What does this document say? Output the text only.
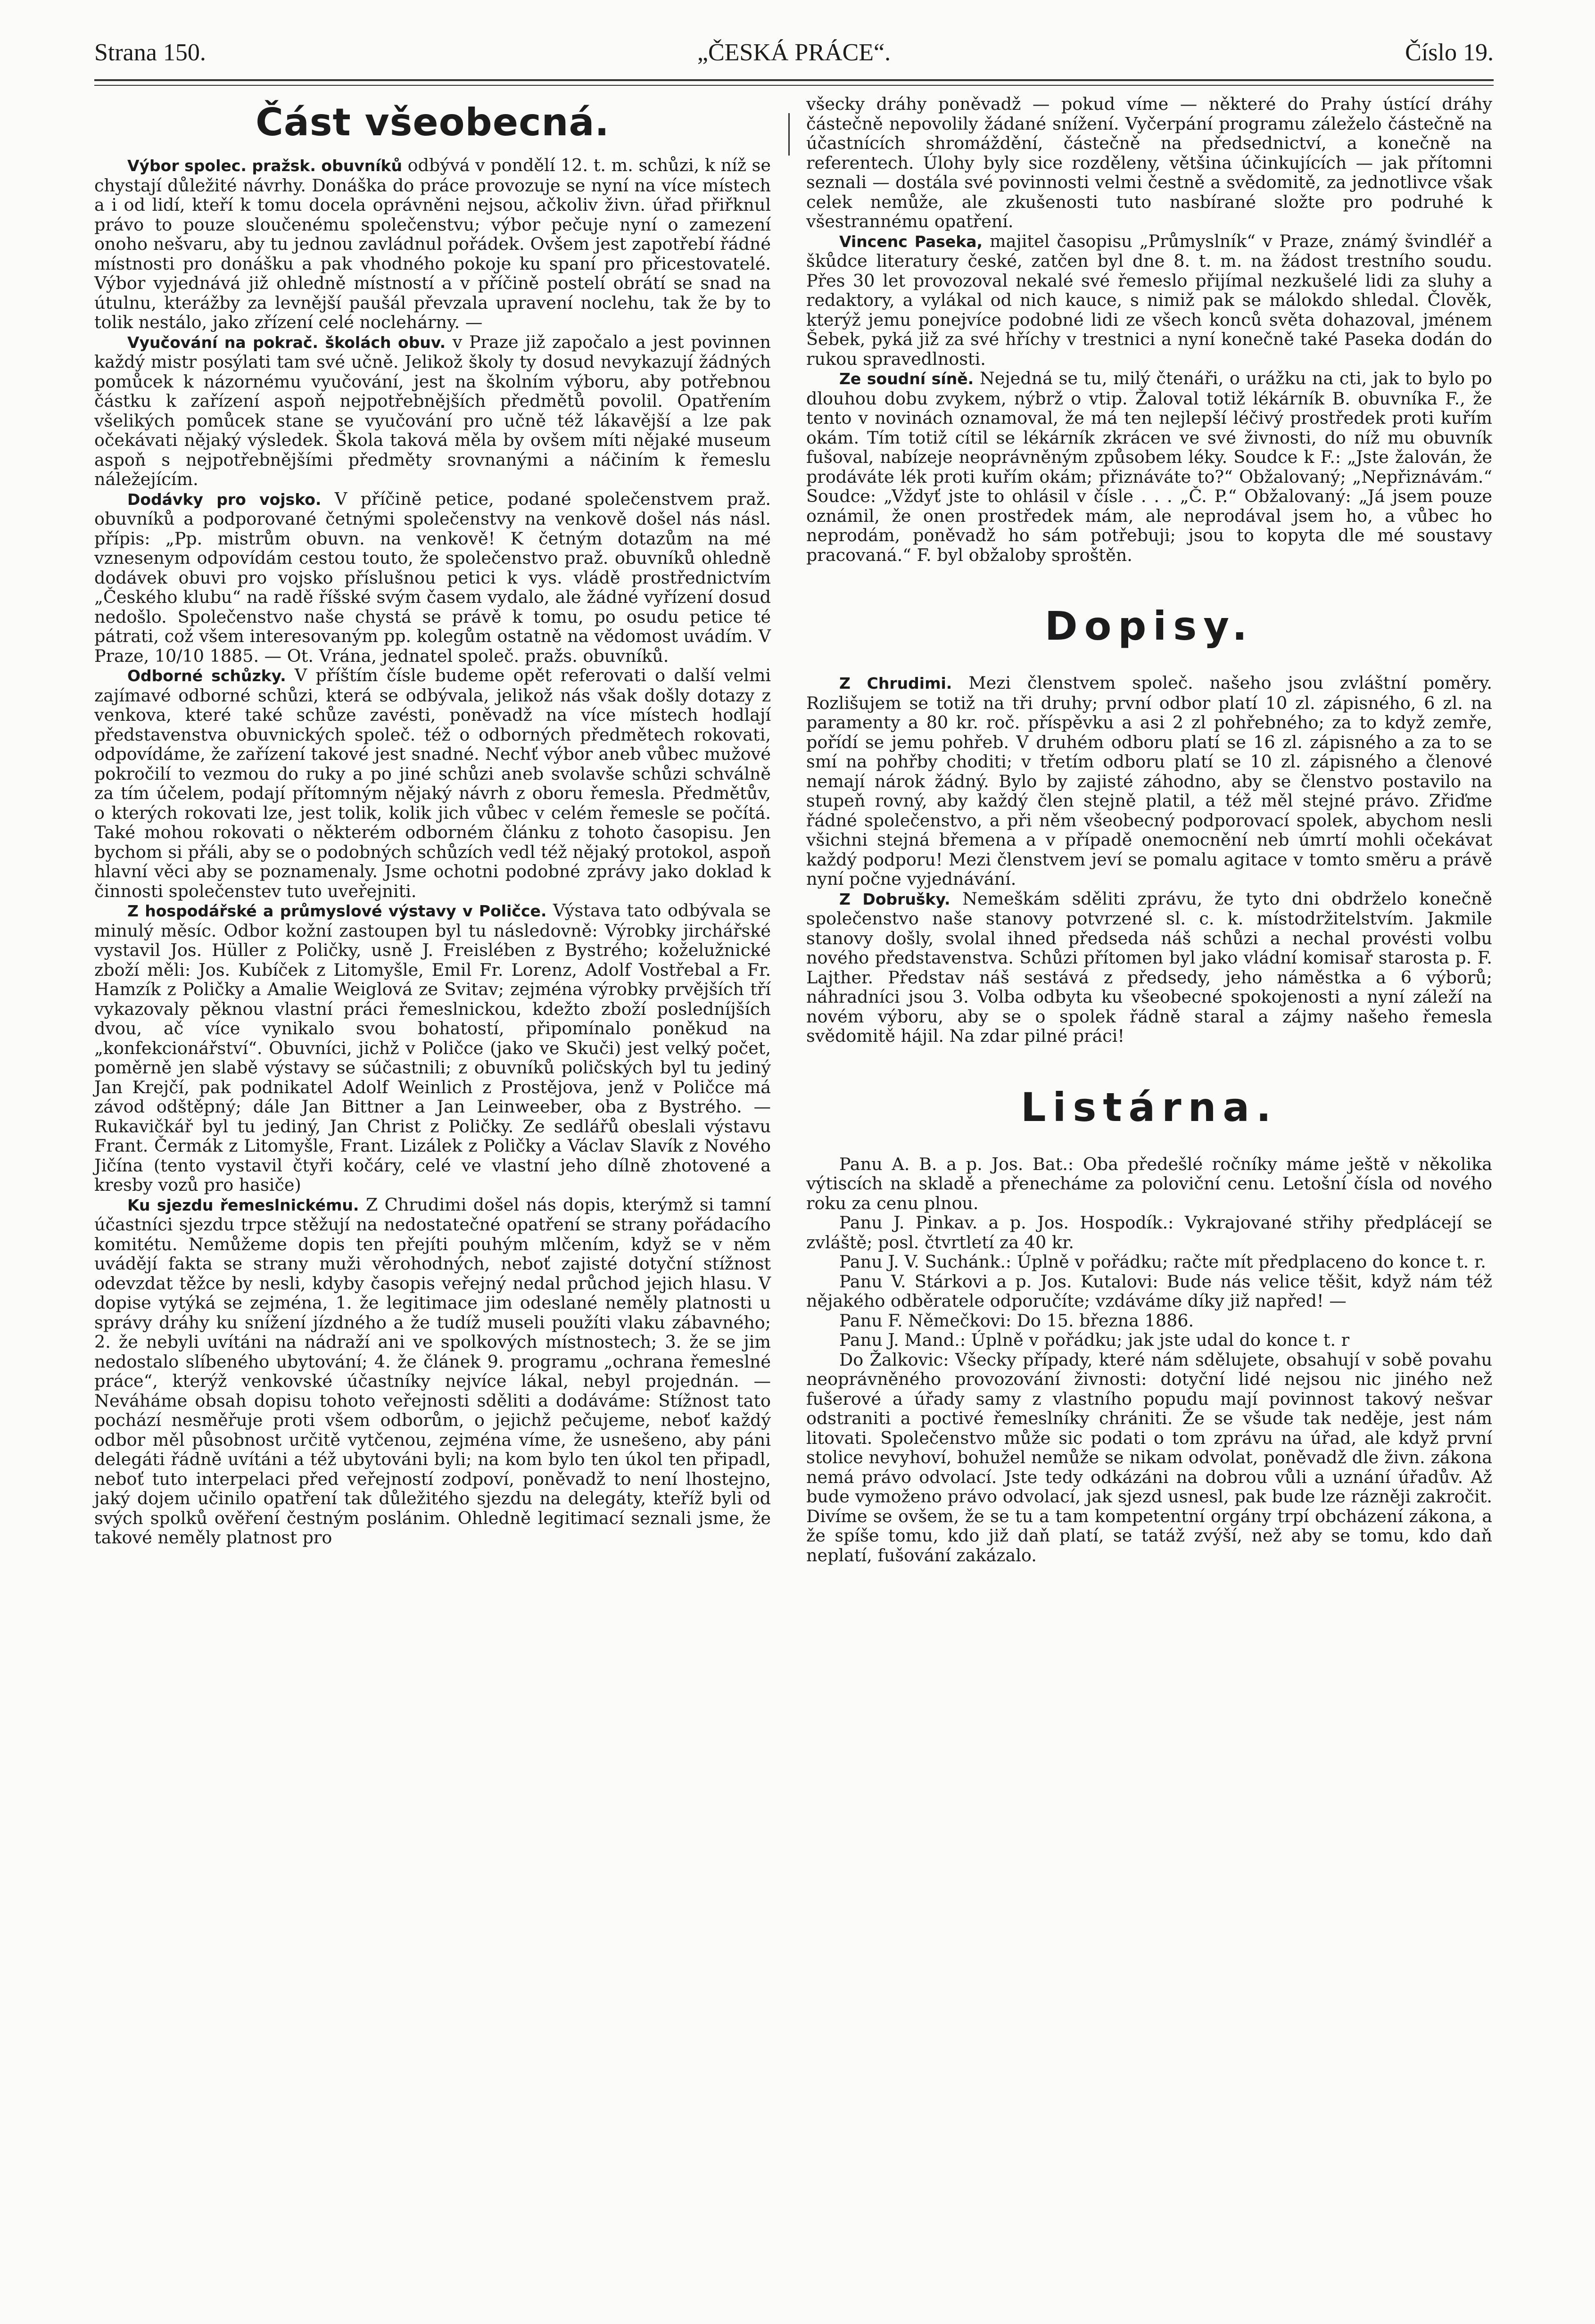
Strana 150.	„ČESKÁ PRÁCE“.	Číslo 19.
Část všeobecná.

Výbor spolec. pražsk. obuvníků odbývá v pondělí 12. t. m. schůzi, k níž se chystají důležité návrhy. Donáška do práce provozuje se nyní na více místech a i od lidí, kteří k tomu docela oprávněni nejsou, ačkoliv živn. úřad přiřknul právo to pouze sloučenému společenstvu; výbor pečuje nyní o zamezení onoho nešvaru, aby tu jednou zavládnul pořádek. Ovšem jest zapotřebí řádné místnosti pro donášku a pak vhodného pokoje ku spaní pro přicestovatelé. Výbor vyjednává již ohledně místností a v příčině postelí obrátí se snad na útulnu, kterážby za levnější paušál převzala upravení noclehu, tak že by to tolik nestálo, jako zřízení celé noclehárny. —

Vyučování na pokrač. školách obuv. v Praze již započalo a jest povinnen každý mistr posýlati tam své učně. Jelikož školy ty dosud nevykazují žádných pomůcek k názornému vyučování, jest na školním výboru, aby potřebnou částku k zařízení aspoň nejpotřebnějších předmětů povolil. Opatřením všelikých pomůcek stane se vyučování pro učně též lákavější a lze pak očekávati nějaký výsledek. Škola taková měla by ovšem míti nějaké museum aspoň s nejpotřebnějšími předměty srovnanými a náčiním k řemeslu náležejícím.

Dodávky pro vojsko. V příčině petice, podané společenstvem praž. obuvníků a podporované četnými společenstvy na venkově došel nás násl. přípis: „Pp. mistrům obuvn. na venkově! K četným dotazům na mé vznesenym odpovídám cestou touto, že společenstvo praž. obuvníků ohledně dodávek obuvi pro vojsko příslušnou petici k vys. vládě prostřednictvím „Českého klubu“ na radě říšské svým časem vydalo, ale žádné vyřízení dosud nedošlo. Společenstvo naše chystá se právě k tomu, po osudu petice té pátrati, což všem interesovaným pp. kolegům ostatně na vědomost uvádím. V Praze, 10/10 1885. — Ot. Vrána, jednatel společ. pražs. obuvníků.

Odborné schůzky. V příštím čísle budeme opět referovati o další velmi zajímavé odborné schůzi, která se odbývala, jelikož nás však došly dotazy z venkova, které také schůze zavésti, poněvadž na více místech hodlají představenstva obuvnických společ. též o odborných předmětech rokovati, odpovídáme, že zařízení takové jest snadné. Nechť výbor aneb vůbec mužové pokročilí to vezmou do ruky a po jiné schůzi aneb svolavše schůzi schválně za tím účelem, podají přítomným nějaký návrh z oboru řemesla. Předmětův, o kterých rokovati lze, jest tolik, kolik jich vůbec v celém řemesle se počítá. Také mohou rokovati o některém odborném článku z tohoto časopisu. Jen bychom si přáli, aby se o podobných schůzích vedl též nějaký protokol, aspoň hlavní věci aby se poznamenaly. Jsme ochotni podobné zprávy jako doklad k činnosti společenstev tuto uveřejniti.

Z hospodářské a průmyslové výstavy v Poličce. Výstava tato odbývala se minulý měsíc. Odbor kožní zastoupen byl tu následovně: Výrobky jirchářské vystavil Jos. Hüller z Poličky, usně J. Freislében z Bystrého; koželužnické zboží měli: Jos. Kubíček z Litomyšle, Emil Fr. Lorenz, Adolf Vostřebal a Fr. Hamzík z Poličky a Amalie Weiglová ze Svitav; zejména výrobky prvějších tří vykazovaly pěknou vlastní práci řemeslnickou, kdežto zboží posledníjších dvou, ač více vynikalo svou bohatostí, připomínalo poněkud na „konfekcionářství“. Obuvníci, jichž v Poličce (jako ve Skuči) jest velký počet, poměrně jen slabě výstavy se súčastnili; z obuvníků poličských byl tu jediný Jan Krejčí, pak podnikatel Adolf Weinlich z Prostějova, jenž v Poličce má závod odštěpný; dále Jan Bittner a Jan Leinweeber, oba z Bystrého. — Rukavičkář byl tu jediný, Jan Christ z Poličky. Ze sedlářů obeslali výstavu Frant. Čermák z Litomyšle, Frant. Lizálek z Poličky a Václav Slavík z Nového Jičína (tento vystavil čtyři kočáry, celé ve vlastní jeho dílně zhotovené a kresby vozů pro hasiče)

Ku sjezdu řemeslnickému. Z Chrudimi došel nás dopis, kterýmž si tamní účastníci sjezdu trpce stěžují na nedostatečné opatření se strany pořádacího komitétu. Nemůžeme dopis ten přejíti pouhým mlčením, když se v něm uvádějí fakta se strany muži věrohodných, neboť zajisté dotyční stížnost odevzdat těžce by nesli, kdyby časopis veřejný nedal průchod jejich hlasu. V dopise vytýká se zejména, 1. že legitimace jim odeslané neměly platnosti u správy dráhy ku snížení jízdného a že tudíž museli použíti vlaku zábavného; 2. že nebyli uvítáni na nádraží ani ve spolkových místnostech; 3. že se jim nedostalo slíbeného ubytování; 4. že článek 9. programu „ochrana řemeslné práce“, kterýž venkovské účastníky nejvíce lákal, nebyl projednán. — Neváháme obsah dopisu tohoto veřejnosti sděliti a dodáváme: Stížnost tato pochází nesměřuje proti všem odborům, o jejichž pečujeme, neboť každý odbor měl působnost určitě vytčenou, zejména víme, že usnešeno, aby páni delegáti řádně uvítáni a též ubytováni byli; na kom bylo ten úkol ten připadl, neboť tuto interpelaci před veřejností zodpoví, poněvadž to není lhostejno, jaký dojem učinilo opatření tak důležitého sjezdu na delegáty, kteříž byli od svých spolků ověření čestným poslánim. Ohledně legitimací seznali jsme, že takové neměly platnost pro

všecky dráhy poněvadž — pokud víme — některé do Prahy ústící dráhy částečně nepovolily žádané snížení. Vyčerpání programu záleželo částečně na účastnících shromáždění, částečně na předsednictví, a konečně na referentech. Úlohy byly sice rozděleny, většina účinkujících — jak přítomni seznali — dostála své povinnosti velmi čestně a svědomitě, za jednotlivce však celek nemůže, ale zkušenosti tuto nasbírané složte pro podruhé k všestrannému opatření.

Vincenc Paseka, majitel časopisu „Průmyslník“ v Praze, známý švindléř a škůdce literatury české, zatčen byl dne 8. t. m. na žádost trestního soudu. Přes 30 let provozoval nekalé své řemeslo přijímal nezkušelé lidi za sluhy a redaktory, a vylákal od nich kauce, s nimiž pak se málokdo shledal. Člověk, kterýž jemu ponejvíce podobné lidi ze všech konců světa dohazoval, jménem Šebek, pyká již za své hříchy v trestnici a nyní konečně také Paseka dodán do rukou spravedlnosti.

Ze soudní síně. Nejedná se tu, milý čtenáři, o urážku na cti, jak to bylo po dlouhou dobu zvykem, nýbrž o vtip. Žaloval totiž lékárník B. obuvníka F., že tento v novinách oznamoval, že má ten nejlepší léčivý prostředek proti kuřím okám. Tím totiž cítil se lékárník zkrácen ve své živnosti, do níž mu obuvník fušoval, nabízeje neoprávněným způsobem léky. Soudce k F.: „Jste žalován, že prodáváte lék proti kuřím okám; přiznáváte to?“ Obžalovaný; „Nepřiznávám.“ Soudce: „Vždyť jste to ohlásil v čísle . . . „Č. P.“ Obžalovaný: „Já jsem pouze oznámil, že onen prostředek mám, ale neprodával jsem ho, a vůbec ho neprodám, poněvadž ho sám potřebuji; jsou to kopyta dle mé soustavy pracovaná.“ F. byl obžaloby sproštěn.

Dopisy.

Z Chrudimi. Mezi členstvem společ. našeho jsou zvláštní poměry. Rozlišujem se totiž na tři druhy; první odbor platí 10 zl. zápisného, 6 zl. na paramenty a 80 kr. roč. příspěvku a asi 2 zl pohřebného; za to když zemře, pořídí se jemu pohřeb. V druhém odboru platí se 16 zl. zápisného a za to se smí na pohřby choditi; v třetím odboru platí se 10 zl. zápisného a členové nemají nárok žádný. Bylo by zajisté záhodno, aby se členstvo postavilo na stupeň rovný, aby každý člen stejně platil, a též měl stejné právo. Zřiďme řádné společenstvo, a při něm všeobecný podporovací spolek, abychom nesli všichni stejná břemena a v případě onemocnění neb úmrtí mohli očekávat každý podporu! Mezi členstvem jeví se pomalu agitace v tomto směru a právě nyní počne vyjednávání.

Z Dobrušky. Nemeškám sděliti zprávu, že tyto dni obdrželo konečně společenstvo naše stanovy potvrzené sl. c. k. místodržitelstvím. Jakmile stanovy došly, svolal ihned předseda náš schůzi a nechal provésti volbu nového představenstva. Schůzi přítomen byl jako vládní komisař starosta p. F. Lajther. Představ náš sestává z předsedy, jeho náměstka a 6 výborů; náhradníci jsou 3. Volba odbyta ku všeobecné spokojenosti a nyní záleží na novém výboru, aby se o spolek řádně staral a zájmy našeho řemesla svědomitě hájil. Na zdar pilné práci!

Listárna.

Panu A. B. a p. Jos. Bat.: Oba předešlé ročníky máme ještě v několika výtiscích na skladě a přenecháme za poloviční cenu. Letošní čísla od nového roku za cenu plnou.

Panu J. Pinkav. a p. Jos. Hospodík.: Vykrajované střihy předplácejí se zvláště; posl. čtvrtletí za 40 kr.

Panu J. V. Suchánk.: Úplně v pořádku; račte mít předplaceno do konce t. r.

Panu V. Stárkovi a p. Jos. Kutalovi: Bude nás velice těšit, když nám též nějakého odběratele odporučíte; vzdáváme díky již napřed! —

Panu F. Němečkovi: Do 15. března 1886.

Panu J. Mand.: Úplně v pořádku; jak jste udal do konce t. r

Do Žalkovic: Všecky případy, které nám sdělujete, obsahují v sobě povahu neoprávněného provozování živnosti: dotyční lidé nejsou nic jiného než fušerové a úřady samy z vlastního popudu mají povinnost takový nešvar odstraniti a poctivé řemeslníky chrániti. Že se všude tak neděje, jest nám litovati. Společenstvo může sic podati o tom zprávu na úřad, ale když první stolice nevyhoví, bohužel nemůže se nikam odvolat, poněvadž dle živn. zákona nemá právo odvolací. Jste tedy odkázáni na dobrou vůli a uznání úřadův. Až bude vymoženo právo odvolací, jak sjezd usnesl, pak bude lze rázněji zakročit. Divíme se ovšem, že se tu a tam kompetentní orgány trpí obcházení zákona, a že spíše tomu, kdo již daň platí, se tatáž zvýší, než aby se tomu, kdo daň neplatí, fušování zakázalo.
